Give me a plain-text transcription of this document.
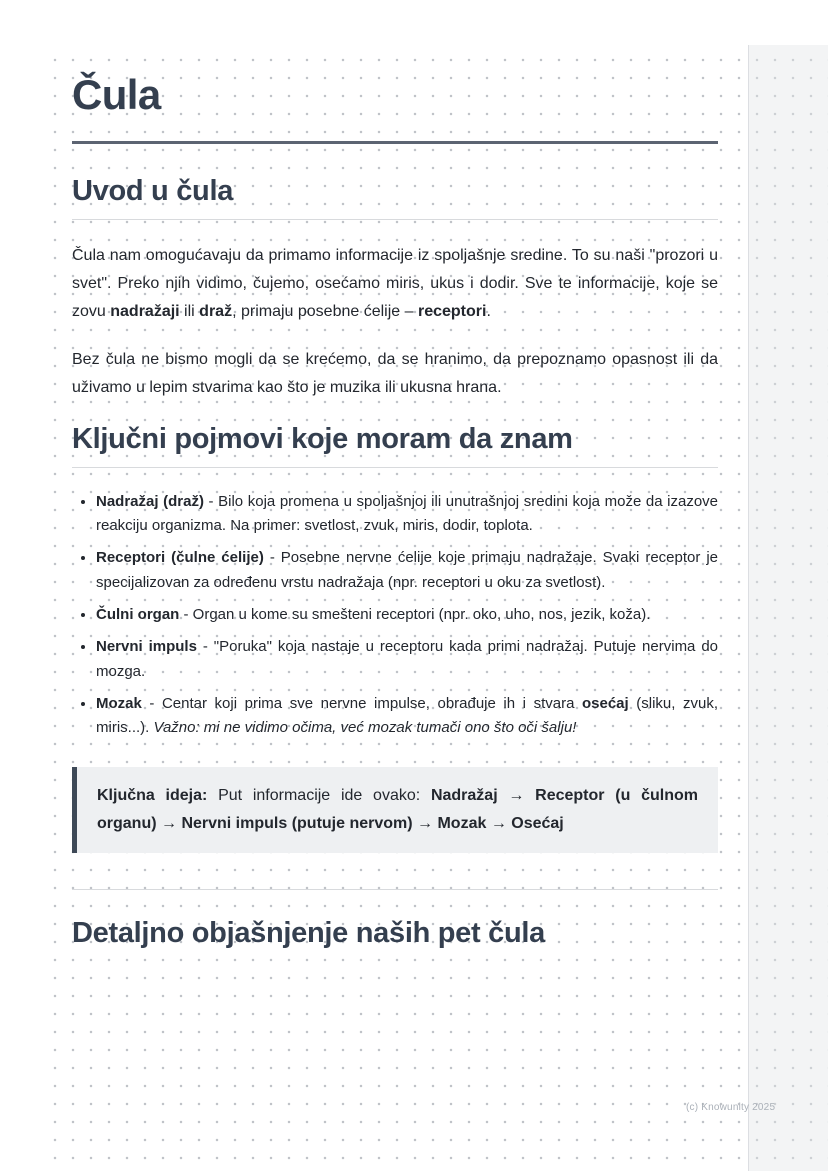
Čula
Uvod u čula

Čula nam omogućavaju da primamo informacije iz spoljašnje sredine. To su naši "prozori u svet". Preko njih vidimo, čujemo, osećamo miris, ukus i dodir. Sve te informacije, koje se zovu nadražaji ili draž, primaju posebne ćelije – receptori.

Bez čula ne bismo mogli da se krećemo, da se hranimo, da prepoznamo opasnost ili da uživamo u lepim stvarima kao što je muzika ili ukusna hrana.

Ključni pojmovi koje moram da znam
• Nadražaj (draž) - Bilo koja promena u spoljašnjoj ili unutrašnjoj sredini koja može da izazove reakciju organizma. Na primer: svetlost, zvuk, miris, dodir, toplota.
• Receptori (čulne ćelije) - Posebne nervne ćelije koje primaju nadražaje. Svaki receptor je specijalizovan za određenu vrstu nadražaja (npr. receptori u oku za svetlost).
• Čulni organ - Organ u kome su smešteni receptori (npr. oko, uho, nos, jezik, koža).
• Nervni impuls - "Poruka" koja nastaje u receptoru kada primi nadražaj. Putuje nervima do mozga.
• Mozak - Centar koji prima sve nervne impulse, obrađuje ih i stvara osećaj (sliku, zvuk, miris...). Važno: mi ne vidimo očima, već mozak tumači ono što oči šalju!

Ključna ideja: Put informacije ide ovako: Nadražaj → Receptor (u čulnom organu) → Nervni impuls (putuje nervom) → Mozak → Osećaj

Detaljno objašnjenje naših pet čula
(c) Knowunity 2025
